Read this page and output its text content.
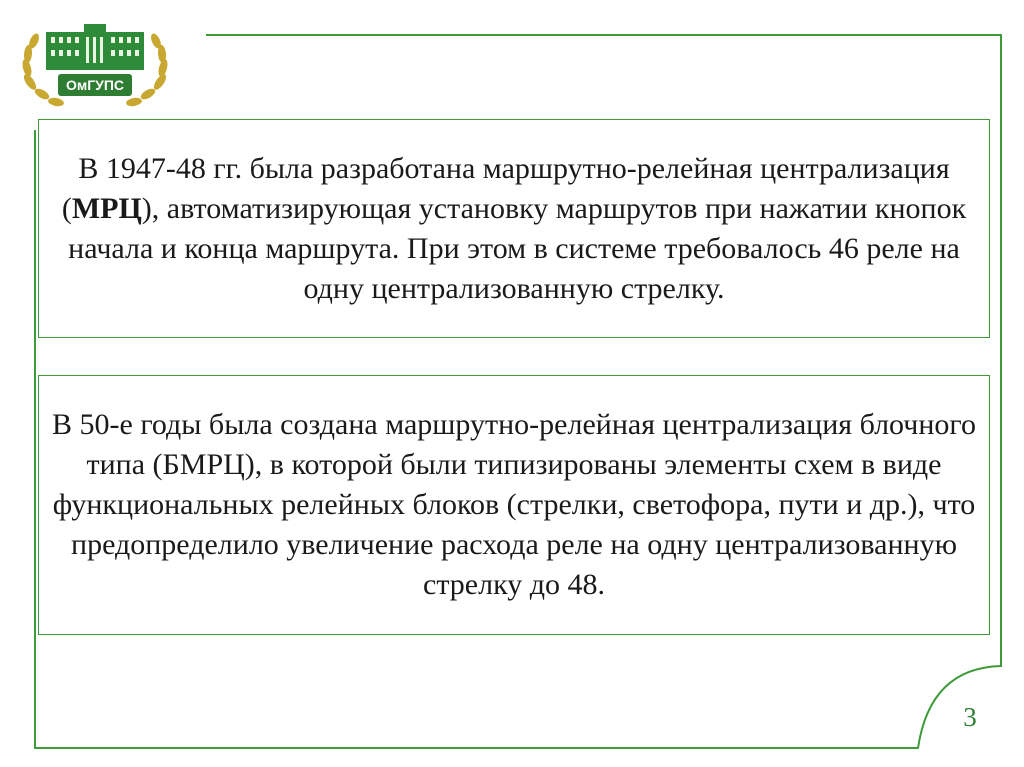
ОмГУПС

В 1947-48 гг. была разработана маршрутно-релейная централизация (МРЦ), автоматизирующая установку маршрутов при нажатии кнопок начала и конца маршрута. При этом в системе требовалось 46 реле на одну централизованную стрелку.

В 50-е годы была создана маршрутно-релейная централизация блочного типа (БМРЦ), в которой были типизированы элементы схем в виде функциональных релейных блоков (стрелки, светофора, пути и др.), что предопределило увеличение расхода реле на одну централизованную стрелку до 48.

3
